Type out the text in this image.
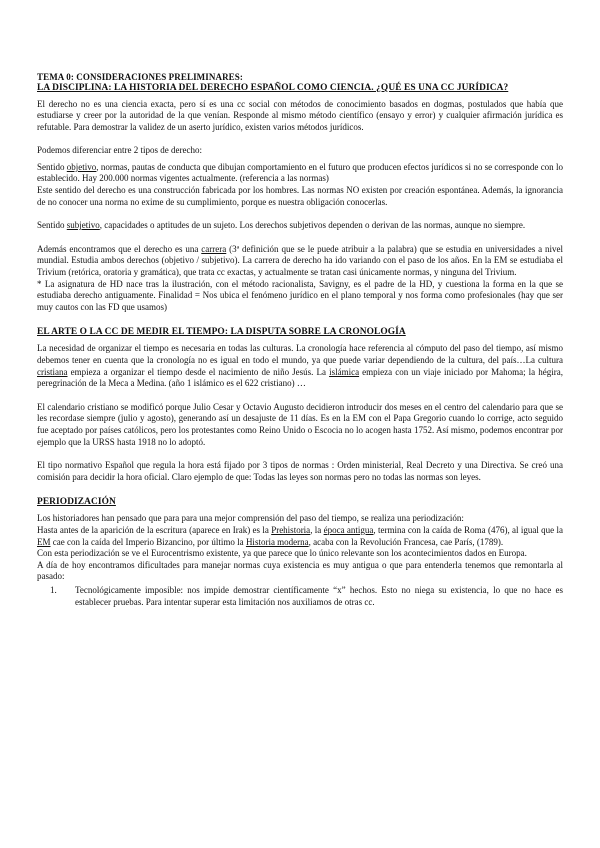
TEMA 0: CONSIDERACIONES PRELIMINARES:
LA DISCIPLINA: LA HISTORIA DEL DERECHO ESPAÑOL COMO CIENCIA. ¿QUÉ ES UNA CC JURÍDICA?

El derecho no es una ciencia exacta, pero sí es una cc social con métodos de conocimiento basados en dogmas, postulados que había que estudiarse y creer por la autoridad de la que venían. Responde al mismo método científico (ensayo y error) y cualquier afirmación jurídica es refutable. Para demostrar la validez de un aserto jurídico, existen varios métodos jurídicos.

Podemos diferenciar entre 2 tipos de derecho:

Sentido objetivo, normas, pautas de conducta que dibujan comportamiento en el futuro que producen efectos jurídicos si no se corresponde con lo establecido. Hay 200.000 normas vigentes actualmente. (referencia a las normas)

Este sentido del derecho es una construcción fabricada por los hombres. Las normas NO existen por creación espontánea. Además, la ignorancia de no conocer una norma no exime de su cumplimiento, porque es nuestra obligación conocerlas.

Sentido subjetivo, capacidades o aptitudes de un sujeto. Los derechos subjetivos dependen o derivan de las normas, aunque no siempre.

Además encontramos que el derecho es una carrera (3ª definición que se le puede atribuir a la palabra) que se estudia en universidades a nivel mundial. Estudia ambos derechos (objetivo / subjetivo). La carrera de derecho ha ido variando con el paso de los años. En la EM se estudiaba el Trivium (retórica, oratoria y gramática), que trata cc exactas, y actualmente se tratan casi únicamente normas, y ninguna del Trivium.

* La asignatura de HD nace tras la ilustración, con el método racionalista, Savigny, es el padre de la HD, y cuestiona la forma en la que se estudiaba derecho antiguamente. Finalidad = Nos ubica el fenómeno jurídico en el plano temporal y nos forma como profesionales (hay que ser muy cautos con las FD que usamos)

EL ARTE O LA CC DE MEDIR EL TIEMPO: LA DISPUTA SOBRE LA CRONOLOGÍA

La necesidad de organizar el tiempo es necesaria en todas las culturas. La cronología hace referencia al cómputo del paso del tiempo, así mismo debemos tener en cuenta que la cronología no es igual en todo el mundo, ya que puede variar dependiendo de la cultura, del país…La cultura cristiana empieza a organizar el tiempo desde el nacimiento de niño Jesús. La islámica empieza con un viaje iniciado por Mahoma; la hégira, peregrinación de la Meca a Medina. (año 1 islámico es el 622 cristiano) …

El calendario cristiano se modificó porque Julio Cesar y Octavio Augusto decidieron introducir dos meses en el centro del calendario para que se les recordase siempre (julio y agosto), generando así un desajuste de 11 días. Es en la EM con el Papa Gregorio cuando lo corrige, acto seguido fue aceptado por países católicos, pero los protestantes como Reino Unido o Escocia no lo acogen hasta 1752. Así mismo, podemos encontrar por ejemplo que la URSS hasta 1918 no lo adoptó.

El tipo normativo Español que regula la hora está fijado por 3 tipos de normas : Orden ministerial, Real Decreto y una Directiva. Se creó una comisión para decidir la hora oficial. Claro ejemplo de que: Todas las leyes son normas pero no todas las normas son leyes.

PERIODIZACIÓN

Los historiadores han pensado que para para una mejor comprensión del paso del tiempo, se realiza una periodización:

Hasta antes de la aparición de la escritura (aparece en Irak) es la Prehistoria, la época antigua, termina con la caída de Roma (476), al igual que la EM cae con la caída del Imperio Bizancino, por último la Historia moderna, acaba con la Revolución Francesa, cae París, (1789).

Con esta periodización se ve el Eurocentrismo existente, ya que parece que lo único relevante son los acontecimientos dados en Europa.

A día de hoy encontramos dificultades para manejar normas cuya existencia es muy antigua o que para entenderla tenemos que remontarla al pasado:

1.	Tecnológicamente imposible: nos impide demostrar científicamente “x” hechos. Esto no niega su existencia, lo que no hace es establecer pruebas. Para intentar superar esta limitación nos auxiliamos de otras cc.
